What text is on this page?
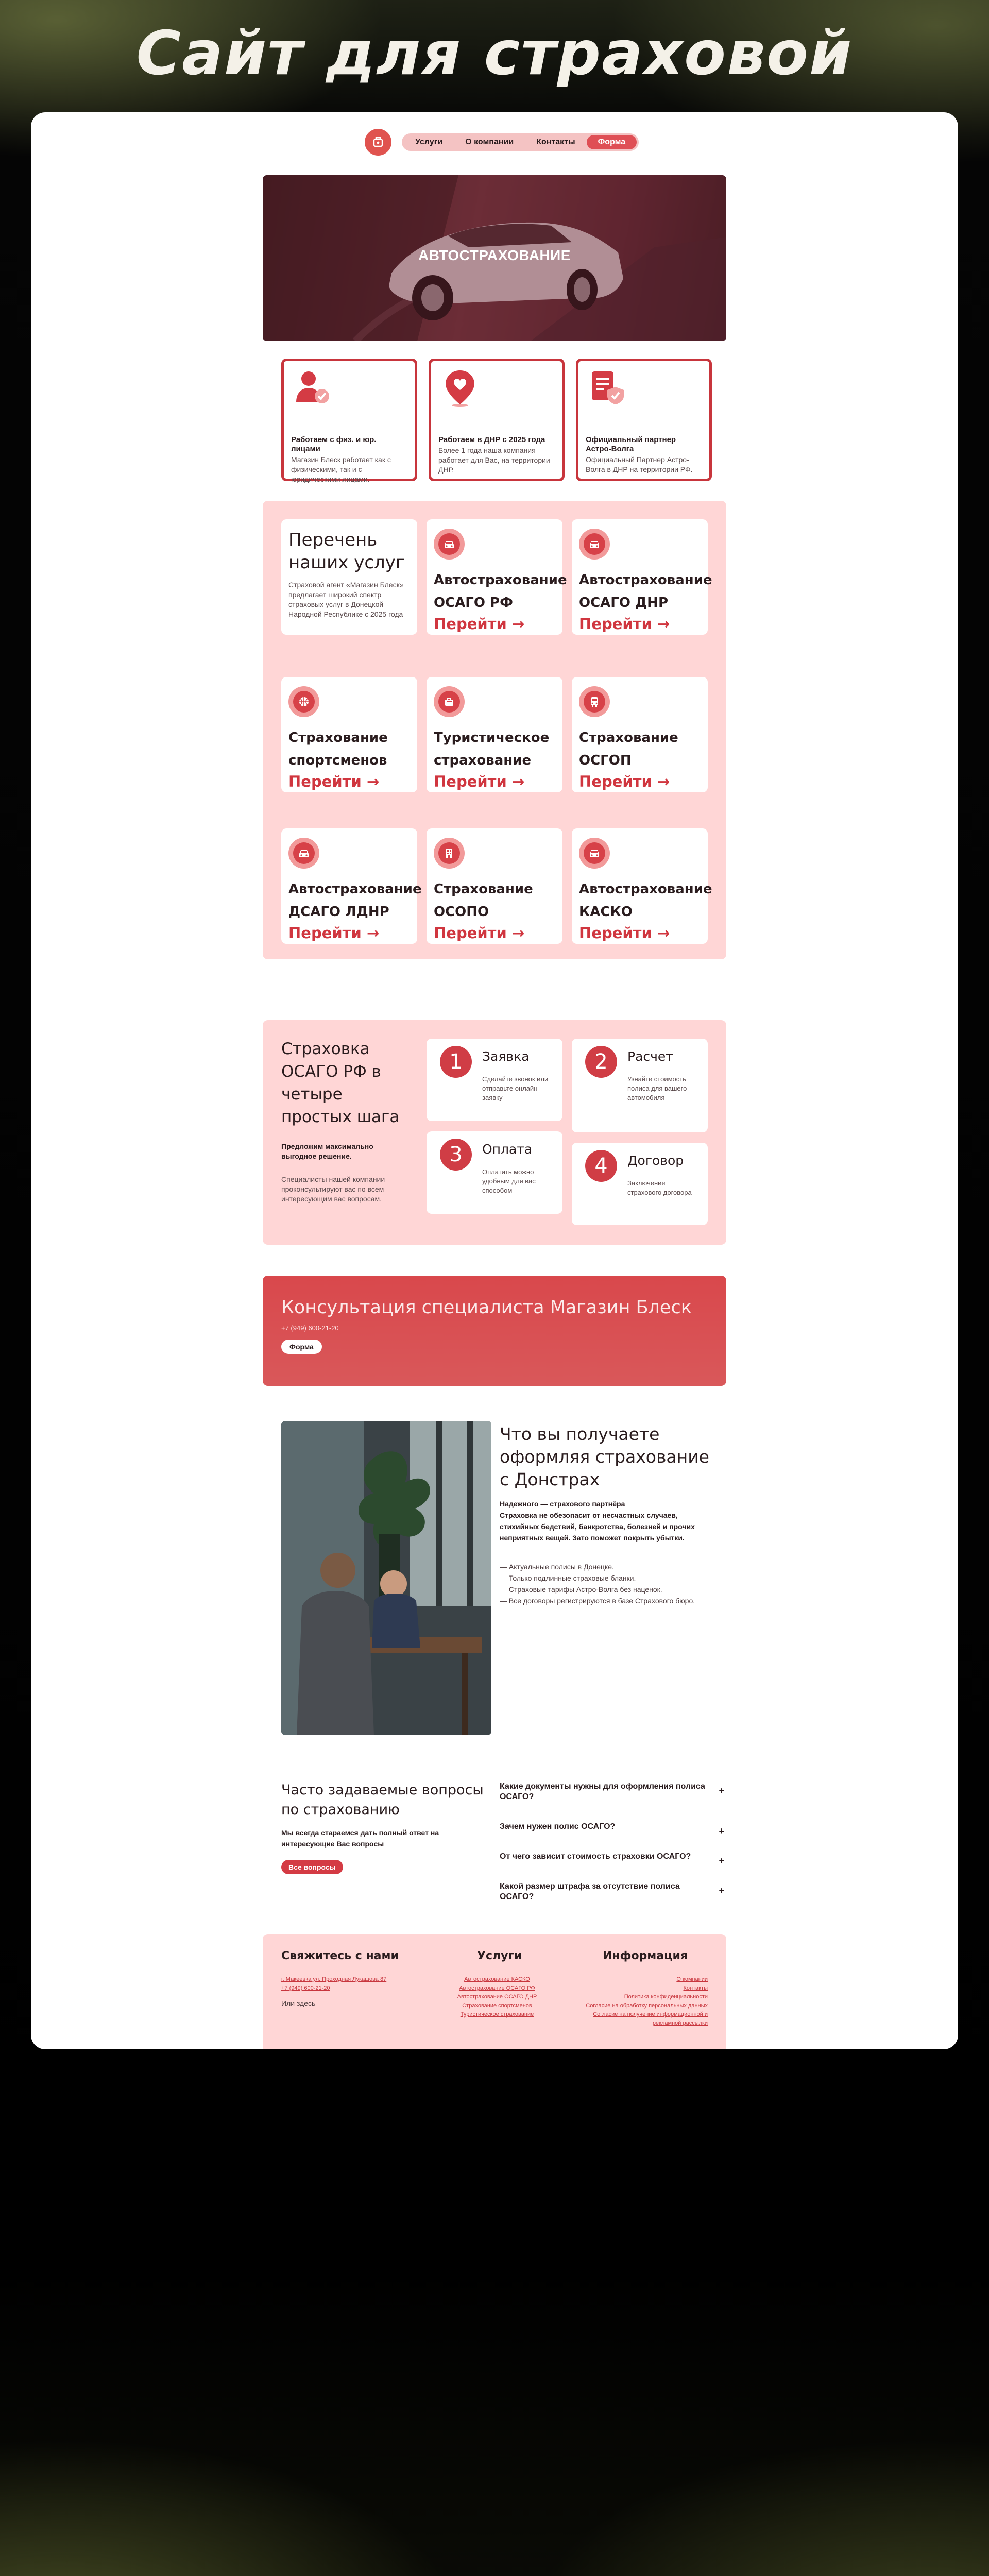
Сайт для страховой
Услуги	О компании	Контакты	Форма
АВТОСТРАХОВАНИЕ
Работаем с физ. и юр. лицами
Магазин Блеск работает как с физическими, так и с юридическими лицами.
Работаем в ДНР с 2025 года
Более 1 года наша компания работает для Вас, на территории ДНР.
Официальный партнер Астро-Волга
Официальный Партнер Астро-Волга в ДНР на территории РФ.
Перечень наших услуг
Страховой агент «Магазин Блеск» предлагает широкий спектр страховых услуг в Донецкой Народной Республике с 2025 года
Автострахование ОСАГО РФ
Перейти →
Автострахование ОСАГО ДНР
Перейти →
Страхование спортсменов
Перейти →
Туристическое страхование
Перейти →
Страхование ОСГОП
Перейти →
Автострахование ДСАГО ЛДНР
Перейти →
Страхование ОСОПО
Перейти →
Автострахование КАСКО
Перейти →
Страховка ОСАГО РФ в четыре простых шага
Предложим максимально выгодное решение.
Специалисты нашей компании проконсультируют вас по всем интересующим вас вопросам.
1	Заявка
Сделайте звонок или отправьте онлайн заявку
2	Расчет
Узнайте стоимость полиса для вашего автомобиля
3	Оплата
Оплатить можно удобным для вас способом
4	Договор
Заключение страхового договора
Консультация специалиста Магазин Блеск
+7 (949) 600-21-20
Форма
Что вы получаете оформляя страхование с Донстрах
Надежного — страхового партнёра
Страховка не обезопасит от несчастных случаев, стихийных бедствий, банкротства, болезней и прочих неприятных вещей. Зато поможет покрыть убытки.
— Актуальные полисы в Донецке.
— Только подлинные страховые бланки.
— Страховые тарифы Астро-Волга без наценок.
— Все договоры регистрируются в базе Страхового бюро.
Часто задаваемые вопросы по страхованию
Мы всегда стараемся дать полный ответ на интересующие Вас вопросы
Все вопросы
Какие документы нужны для оформления полиса ОСАГО?
+
Зачем нужен полис ОСАГО?	+
От чего зависит стоимость страховки ОСАГО?	+
Какой размер штрафа за отсутствие полиса ОСАГО?
+
Свяжитесь с нами
г. Макеевка ул. Проходная Лукашова 87
+7 (949) 600-21-20
Или здесь
Услуги
Автострахование КАСКО
Автострахование ОСАГО РФ
Автострахование ОСАГО ДНР
Страхование спортсменов
Туристическое страхование
Информация
О компании
Контакты
Политика конфиденциальности
Согласие на обработку персональных данных
Согласие на получение информационной и рекламной рассылки
